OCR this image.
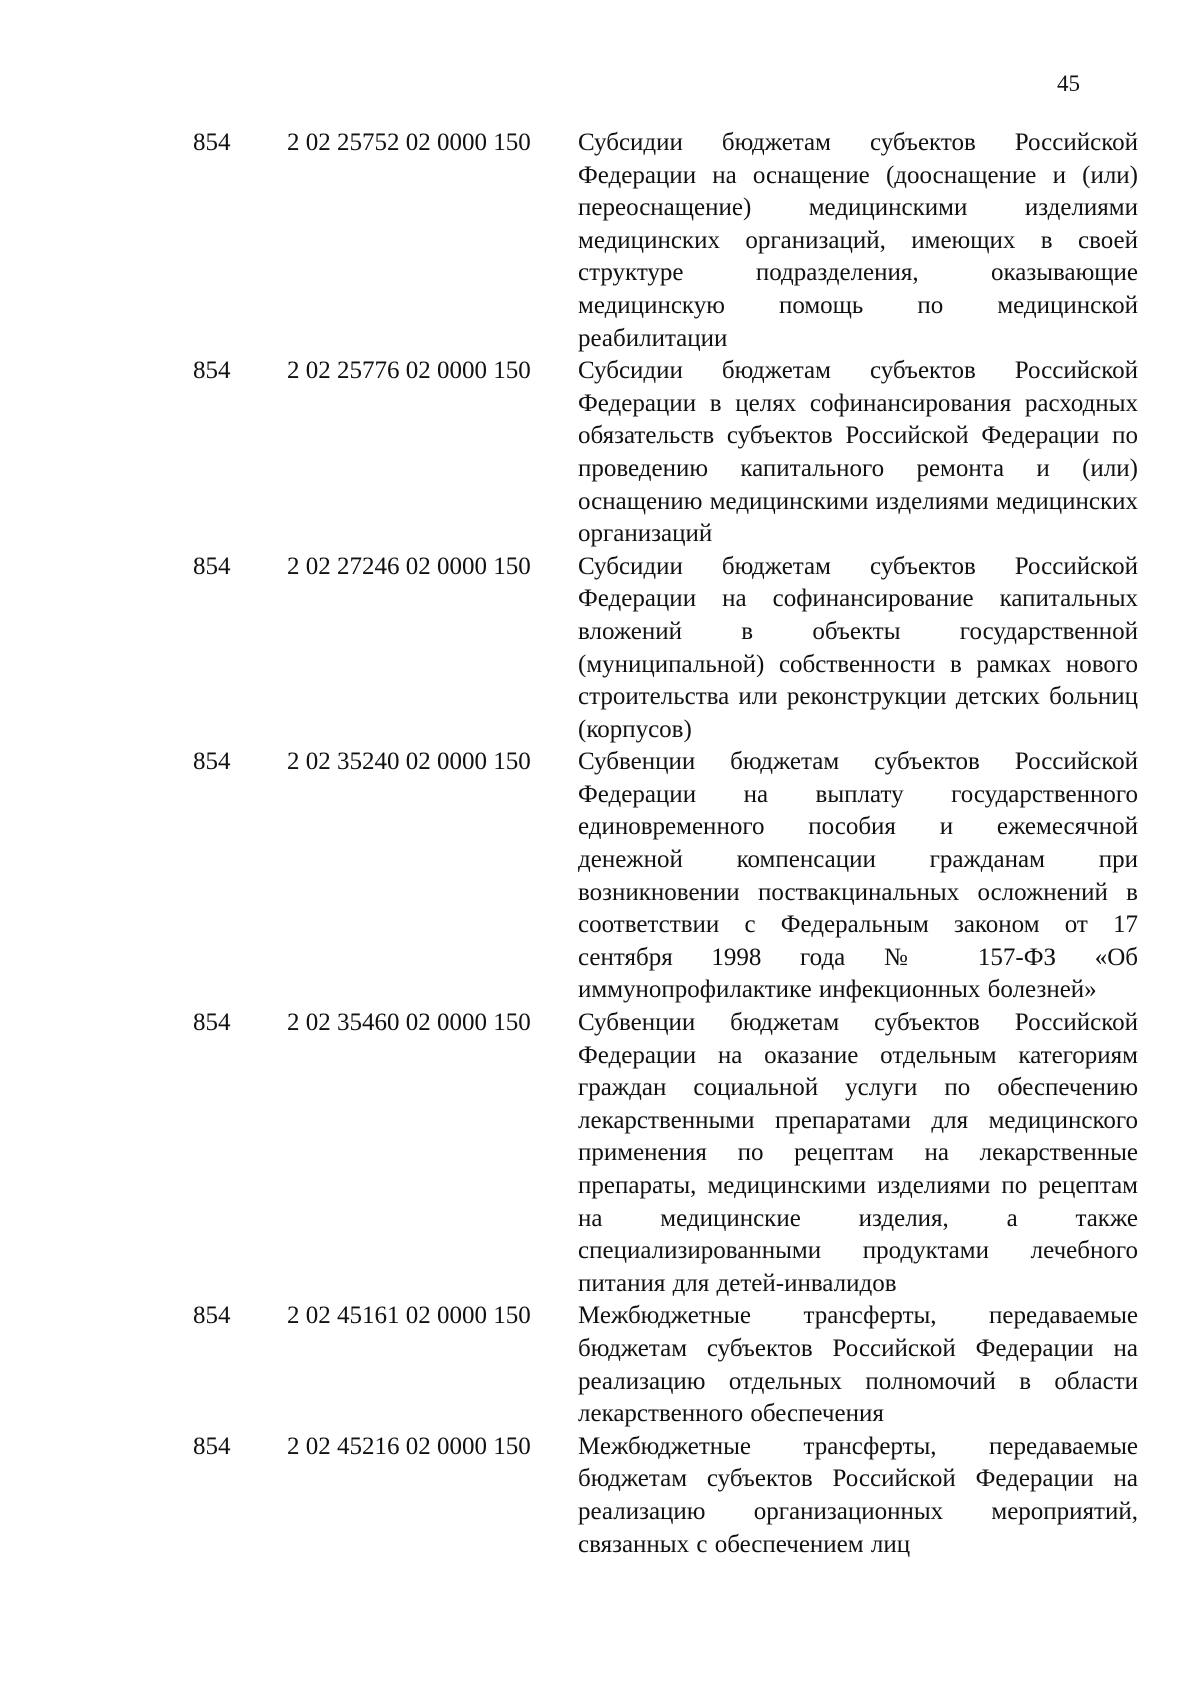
45
854 2 02 25752 02 0000 150 Субсидии бюджетам субъектов Российской Федерации на оснащение (дооснащение и (или) переоснащение) медицинскими изделиями медицинских организаций, имеющих в своей структуре подразделения, оказывающие медицинскую помощь по медицинской реабилитации
854 2 02 25776 02 0000 150 Субсидии бюджетам субъектов Российской Федерации в целях софинансирования расходных обязательств субъектов Российской Федерации по проведению капитального ремонта и (или) оснащению медицинскими изделиями медицинских организаций
854 2 02 27246 02 0000 150 Субсидии бюджетам субъектов Российской Федерации на софинансирование капитальных вложений в объекты государственной (муниципальной) собственности в рамках нового строительства или реконструкции детских больниц (корпусов)
854 2 02 35240 02 0000 150 Субвенции бюджетам субъектов Российской Федерации на выплату государственного единовременного пособия и ежемесячной денежной компенсации гражданам при возникновении поствакцинальных осложнений в соответствии с Федеральным законом от 17 сентября 1998 года № 157-ФЗ «Об иммунопрофилактике инфекционных болезней»
854 2 02 35460 02 0000 150 Субвенции бюджетам субъектов Российской Федерации на оказание отдельным категориям граждан социальной услуги по обеспечению лекарственными препаратами для медицинского применения по рецептам на лекарственные препараты, медицинскими изделиями по рецептам на медицинские изделия, а также специализированными продуктами лечебного питания для детей-инвалидов
854 2 02 45161 02 0000 150 Межбюджетные трансферты, передаваемые бюджетам субъектов Российской Федерации на реализацию отдельных полномочий в области лекарственного обеспечения
854 2 02 45216 02 0000 150 Межбюджетные трансферты, передаваемые бюджетам субъектов Российской Федерации на реализацию организационных мероприятий, связанных с обеспечением лиц
